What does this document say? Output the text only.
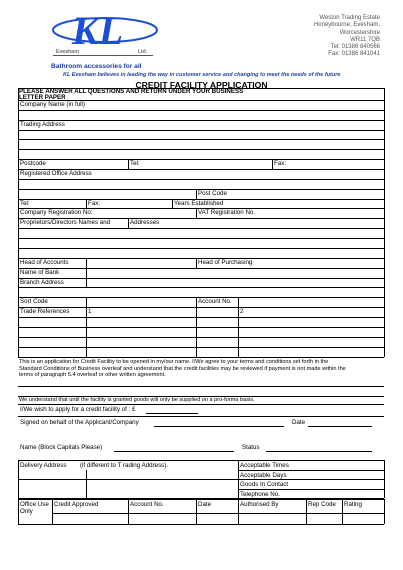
KL
Evesham	Ltd.
Weston Trading Estate
Honeybourne, Evesham,
Worcestershire
WR11 7QB
Tel: 01386 840566
Fax: 01386 841041
Bathroom accessories for all
KL Evesham believes in leading the way in customer service and changing to meet the needs of the future
CREDIT FACILITY APPLICATION
PLEASE ANSWER ALL QUESTIONS AND RETURN UNDER YOUR BUSINESS
LETTER PAPER
Company Name (in full)
Trading Address
Postcode	Tel:	Fax:
Registered Office Address
Post Code
Tel:	Fax:	Years Established
Company Registration No:	VAT Registration No.
Proprietors/Directors Names and	Addresses
Head of Accounts	Head of Purchasing
Name of Bank
Branch Address
Sort Code	Account No.
Trade References	1	2
This is an application for Credit Facility to be opened in my/our name. I/We agree to your terms and conditions set forth in the
Standard Conditions of Business overleaf and understand that the credit facilities may be reviewed if payment is not made within the
terms of paragraph 5.4 overleaf or other written agreement.
We understand that until the facility is granted goods will only be supplied on a pro-forma basis.
I/We wish to apply for a credit facility of : £
Signed on behalf of the Applicant/Company	Date
Name (Block Capitals Please)	Status
Delivery Address (if different to T rading Address).	Acceptable Times
Acceptable Days
Goods In Contact
Telephone No.
Office Use
Only
Credit Approved	Account No.	Date	Authorised By	Rep Code Rating
